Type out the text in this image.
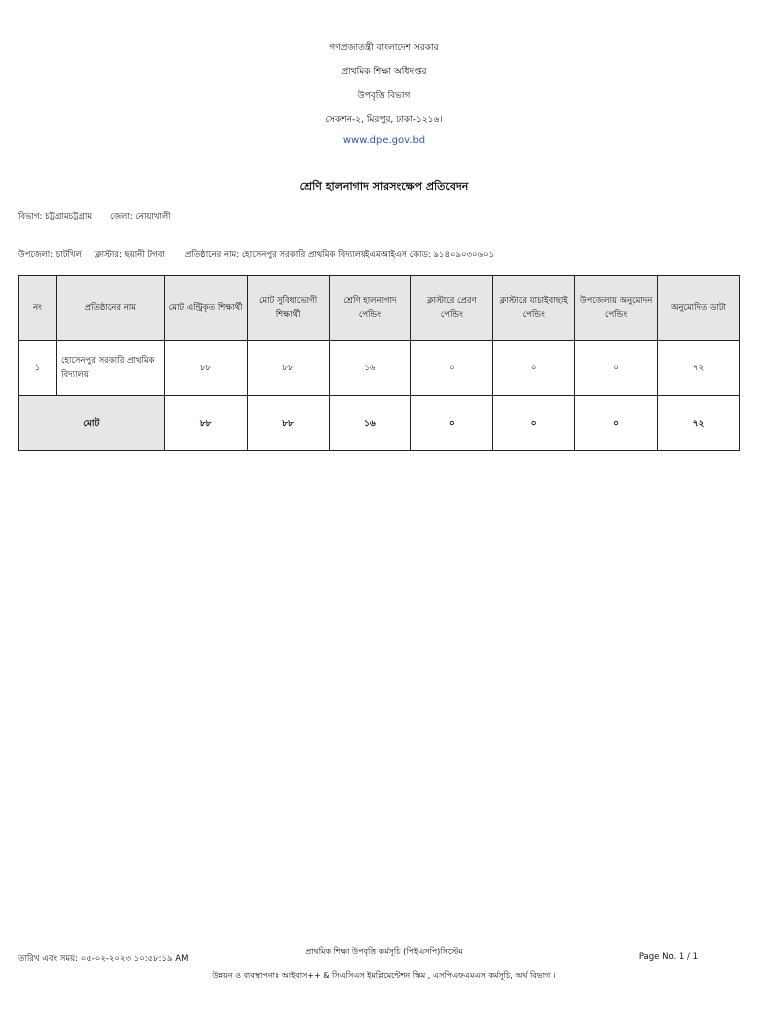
গণপ্রজাতন্ত্রী বাংলাদেশ সরকার
প্রাথমিক শিক্ষা অধিদপ্তর
উপবৃত্তি বিভাগ
সেকশন-২, মিরপুর, ঢাকা-১২১৬।
www.dpe.gov.bd
শ্রেণি হালনাগাদ সারসংক্ষেপ প্রতিবেদন
বিভাগ: চট্টগ্রামচট্টগ্রাম জেলা: নোয়াখালী
উপজেলা: চাটখিল ক্লাস্টার: ছয়ানী টগবা প্রতিষ্ঠানের নাম: হোসেনপুর সরকারি প্রাথমিক বিদ্যালয়
ইএমআইএস কোড: ৯১৪০৯০৩০৬০১
নং	প্রতিষ্ঠানের নাম	মোট এন্ট্রিকৃত শিক্ষার্থী	মোট সুবিধাভোগী শিক্ষার্থী	শ্রেণি হালনাগাদ পেন্ডিং	ক্লাস্টারে প্রেরণ পেন্ডিং	ক্লাস্টারে যাচাইবাছাই পেন্ডিং	উপজেলায় অনুমোদন পেন্ডিং	অনুমোদিত ডাটা
১	হোসেনপুর সরকারি প্রাথমিক বিদ্যালয়	৮৮	৮৮	১৬	০	০	০	৭২
মোট		৮৮	৮৮	১৬	০	০	০	৭২
তারিখ এবং সময়: ০৫-০২-২০২৩ ১০:৫৮:১৯ AM
প্রাথমিক শিক্ষা উপবৃত্তি কর্মসূচি (পিইএসপি)সিস্টেম
উন্নয়ন ও ব্যবস্থাপনাঃ আইবাস++ & সিএসিএস ইমপ্লিমেন্টেশন স্কিম , এসপিএফএমএস কর্মসূচি, অর্থ বিভাগ ।
Page No. 1 / 1
